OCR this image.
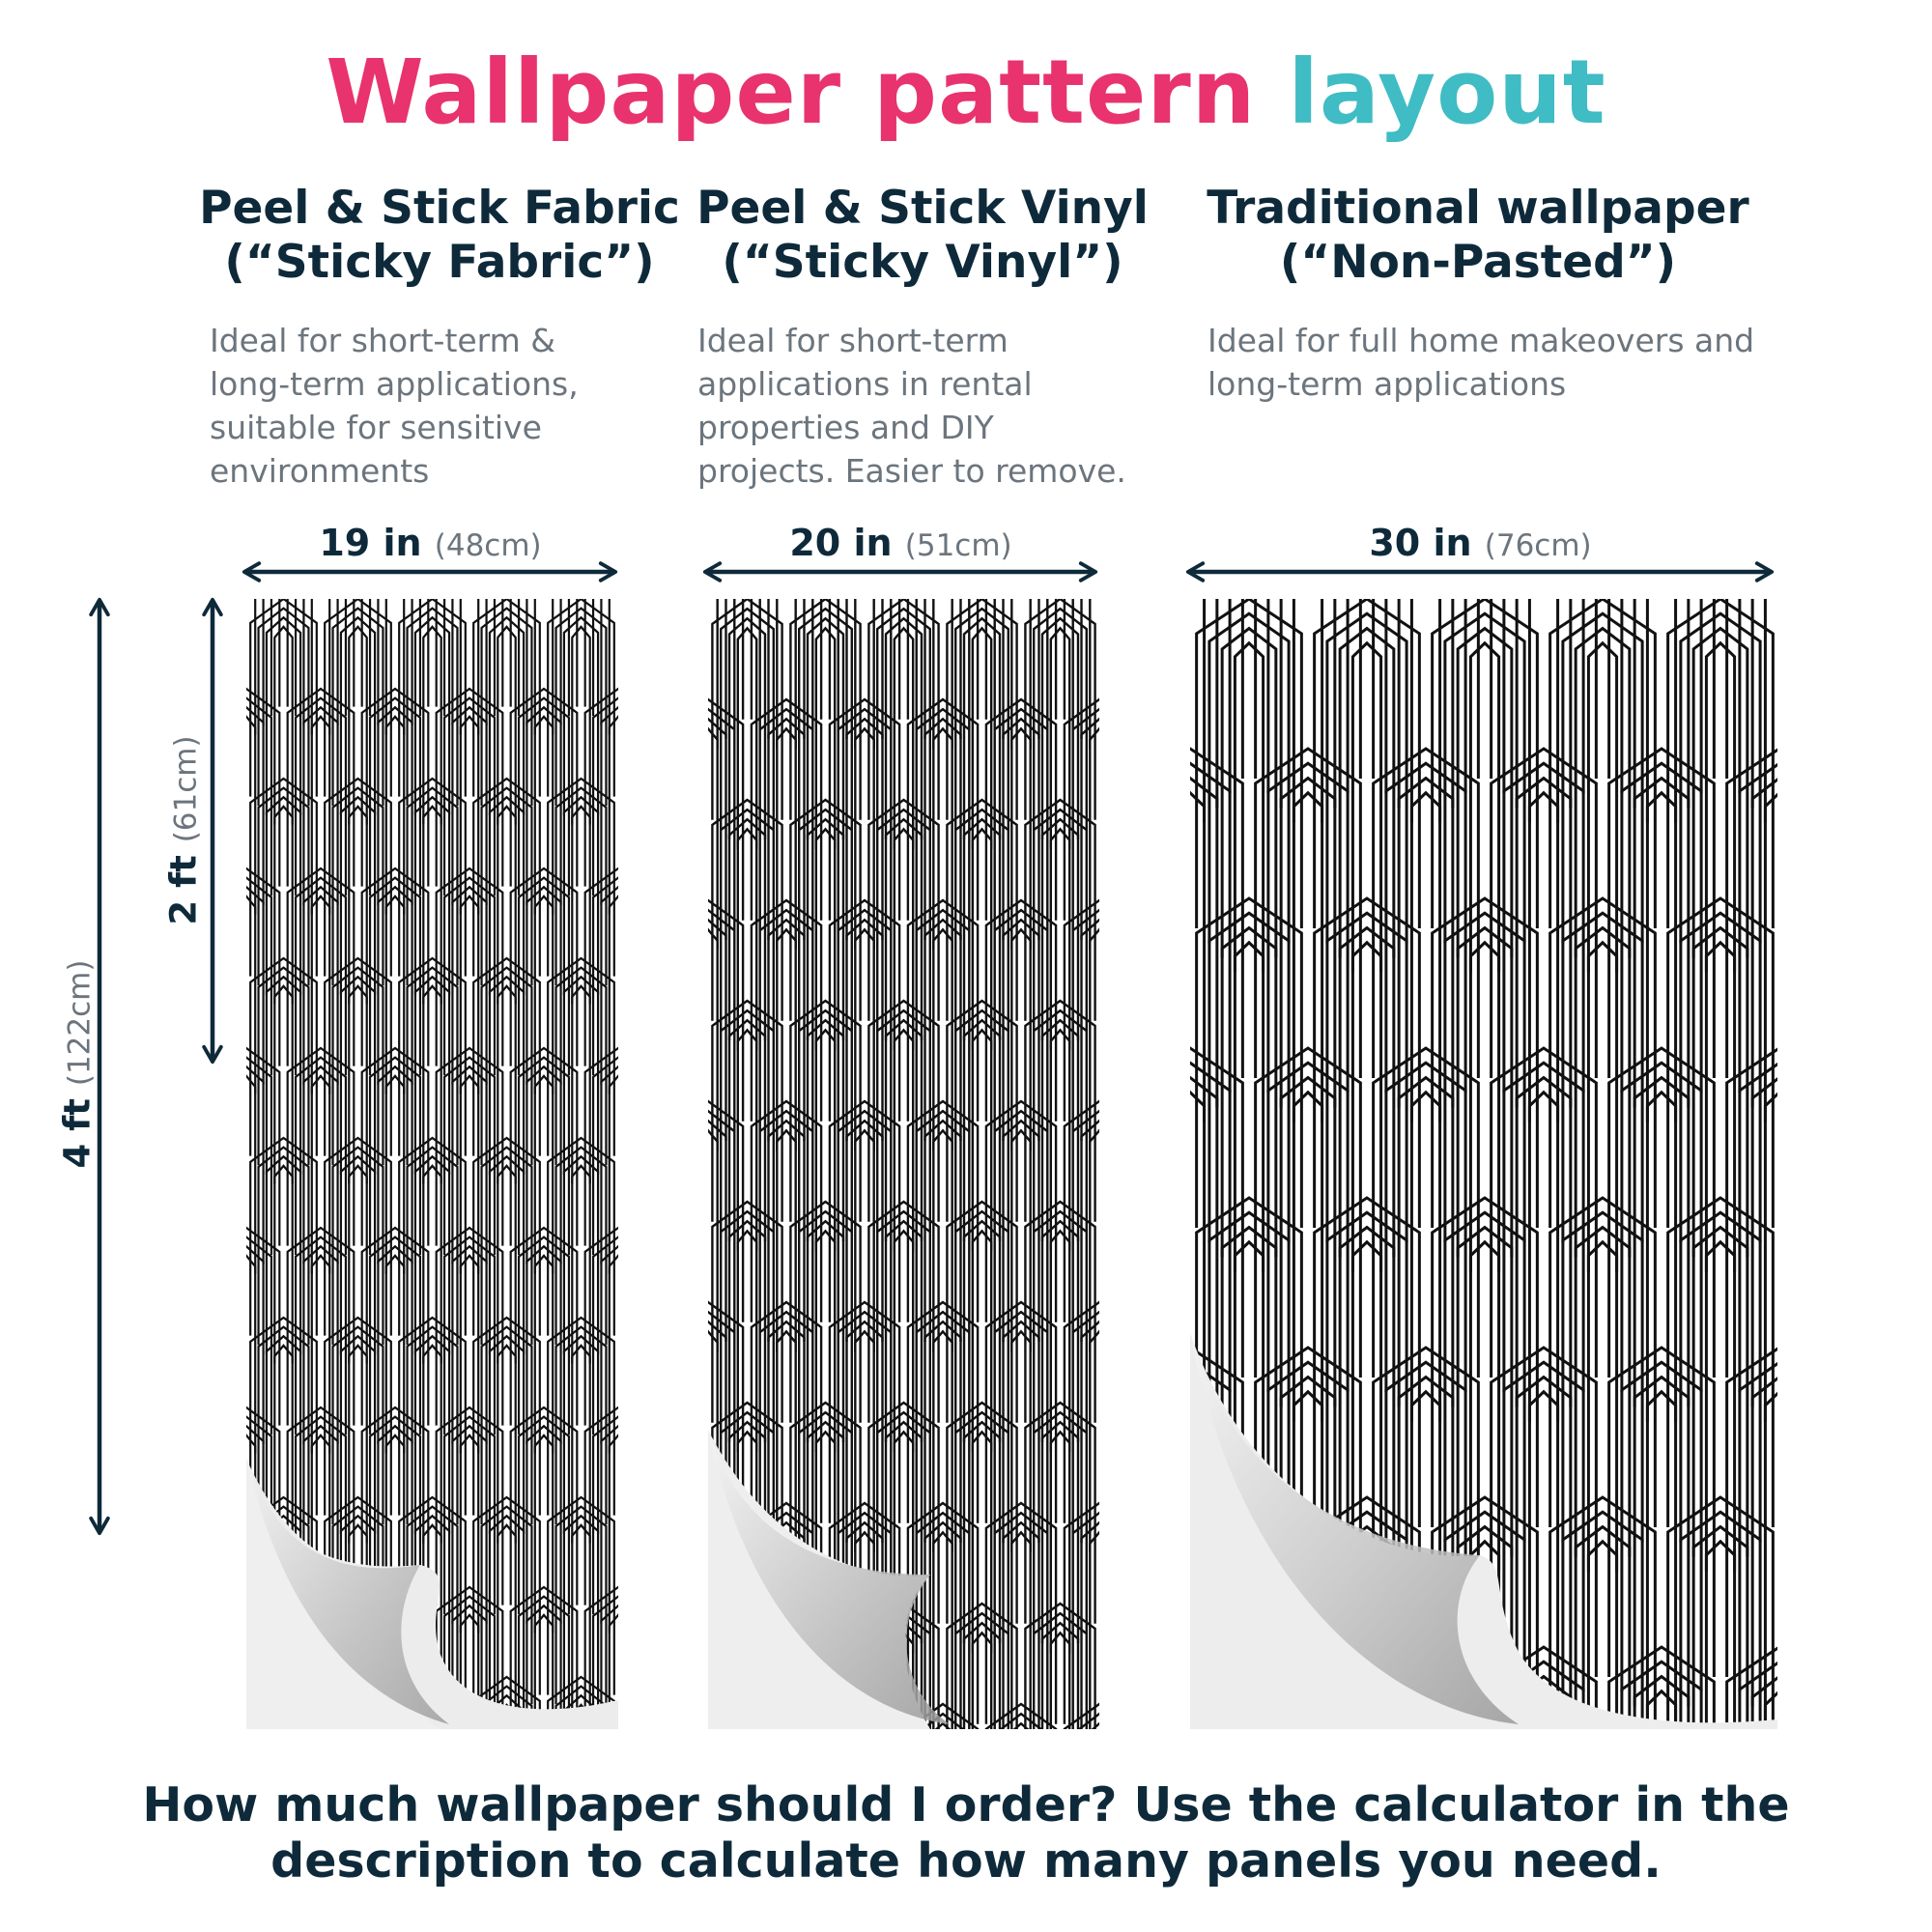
Wallpaper pattern layout
Peel & Stick Fabric
(“Sticky Fabric”)
Ideal for short-term & long-term applications, suitable for sensitive environments
Peel & Stick Vinyl
(“Sticky Vinyl”)
Ideal for short-term applications in rental properties and DIY projects. Easier to remove.
Traditional wallpaper
(“Non-Pasted”)
Ideal for full home makeovers and long-term applications
19 in (48cm)	20 in (51cm)	30 in (76cm)
4 ft (122cm)
2 ft (61cm)
How much wallpaper should I order? Use the calculator in the
description to calculate how many panels you need.
